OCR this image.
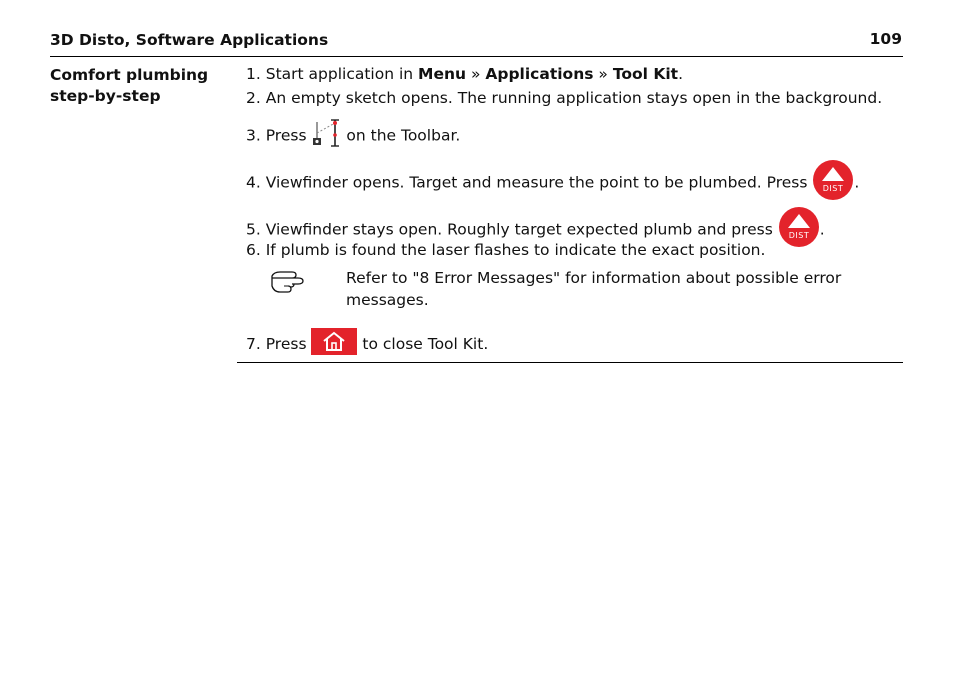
3D Disto, Software Applications	109
Comfort plumbing step-by-step
1. Start application in Menu » Applications » Tool Kit.
2. An empty sketch opens. The running application stays open in the background.
3. Press  on the Toolbar.
4. Viewfinder opens. Target and measure the point to be plumbed. Press DIST .
5. Viewfinder stays open. Roughly target expected plumb and press DIST .
6. If plumb is found the laser flashes to indicate the exact position.
Refer to "8 Error Messages" for information about possible error messages.
7. Press	to close Tool Kit.
